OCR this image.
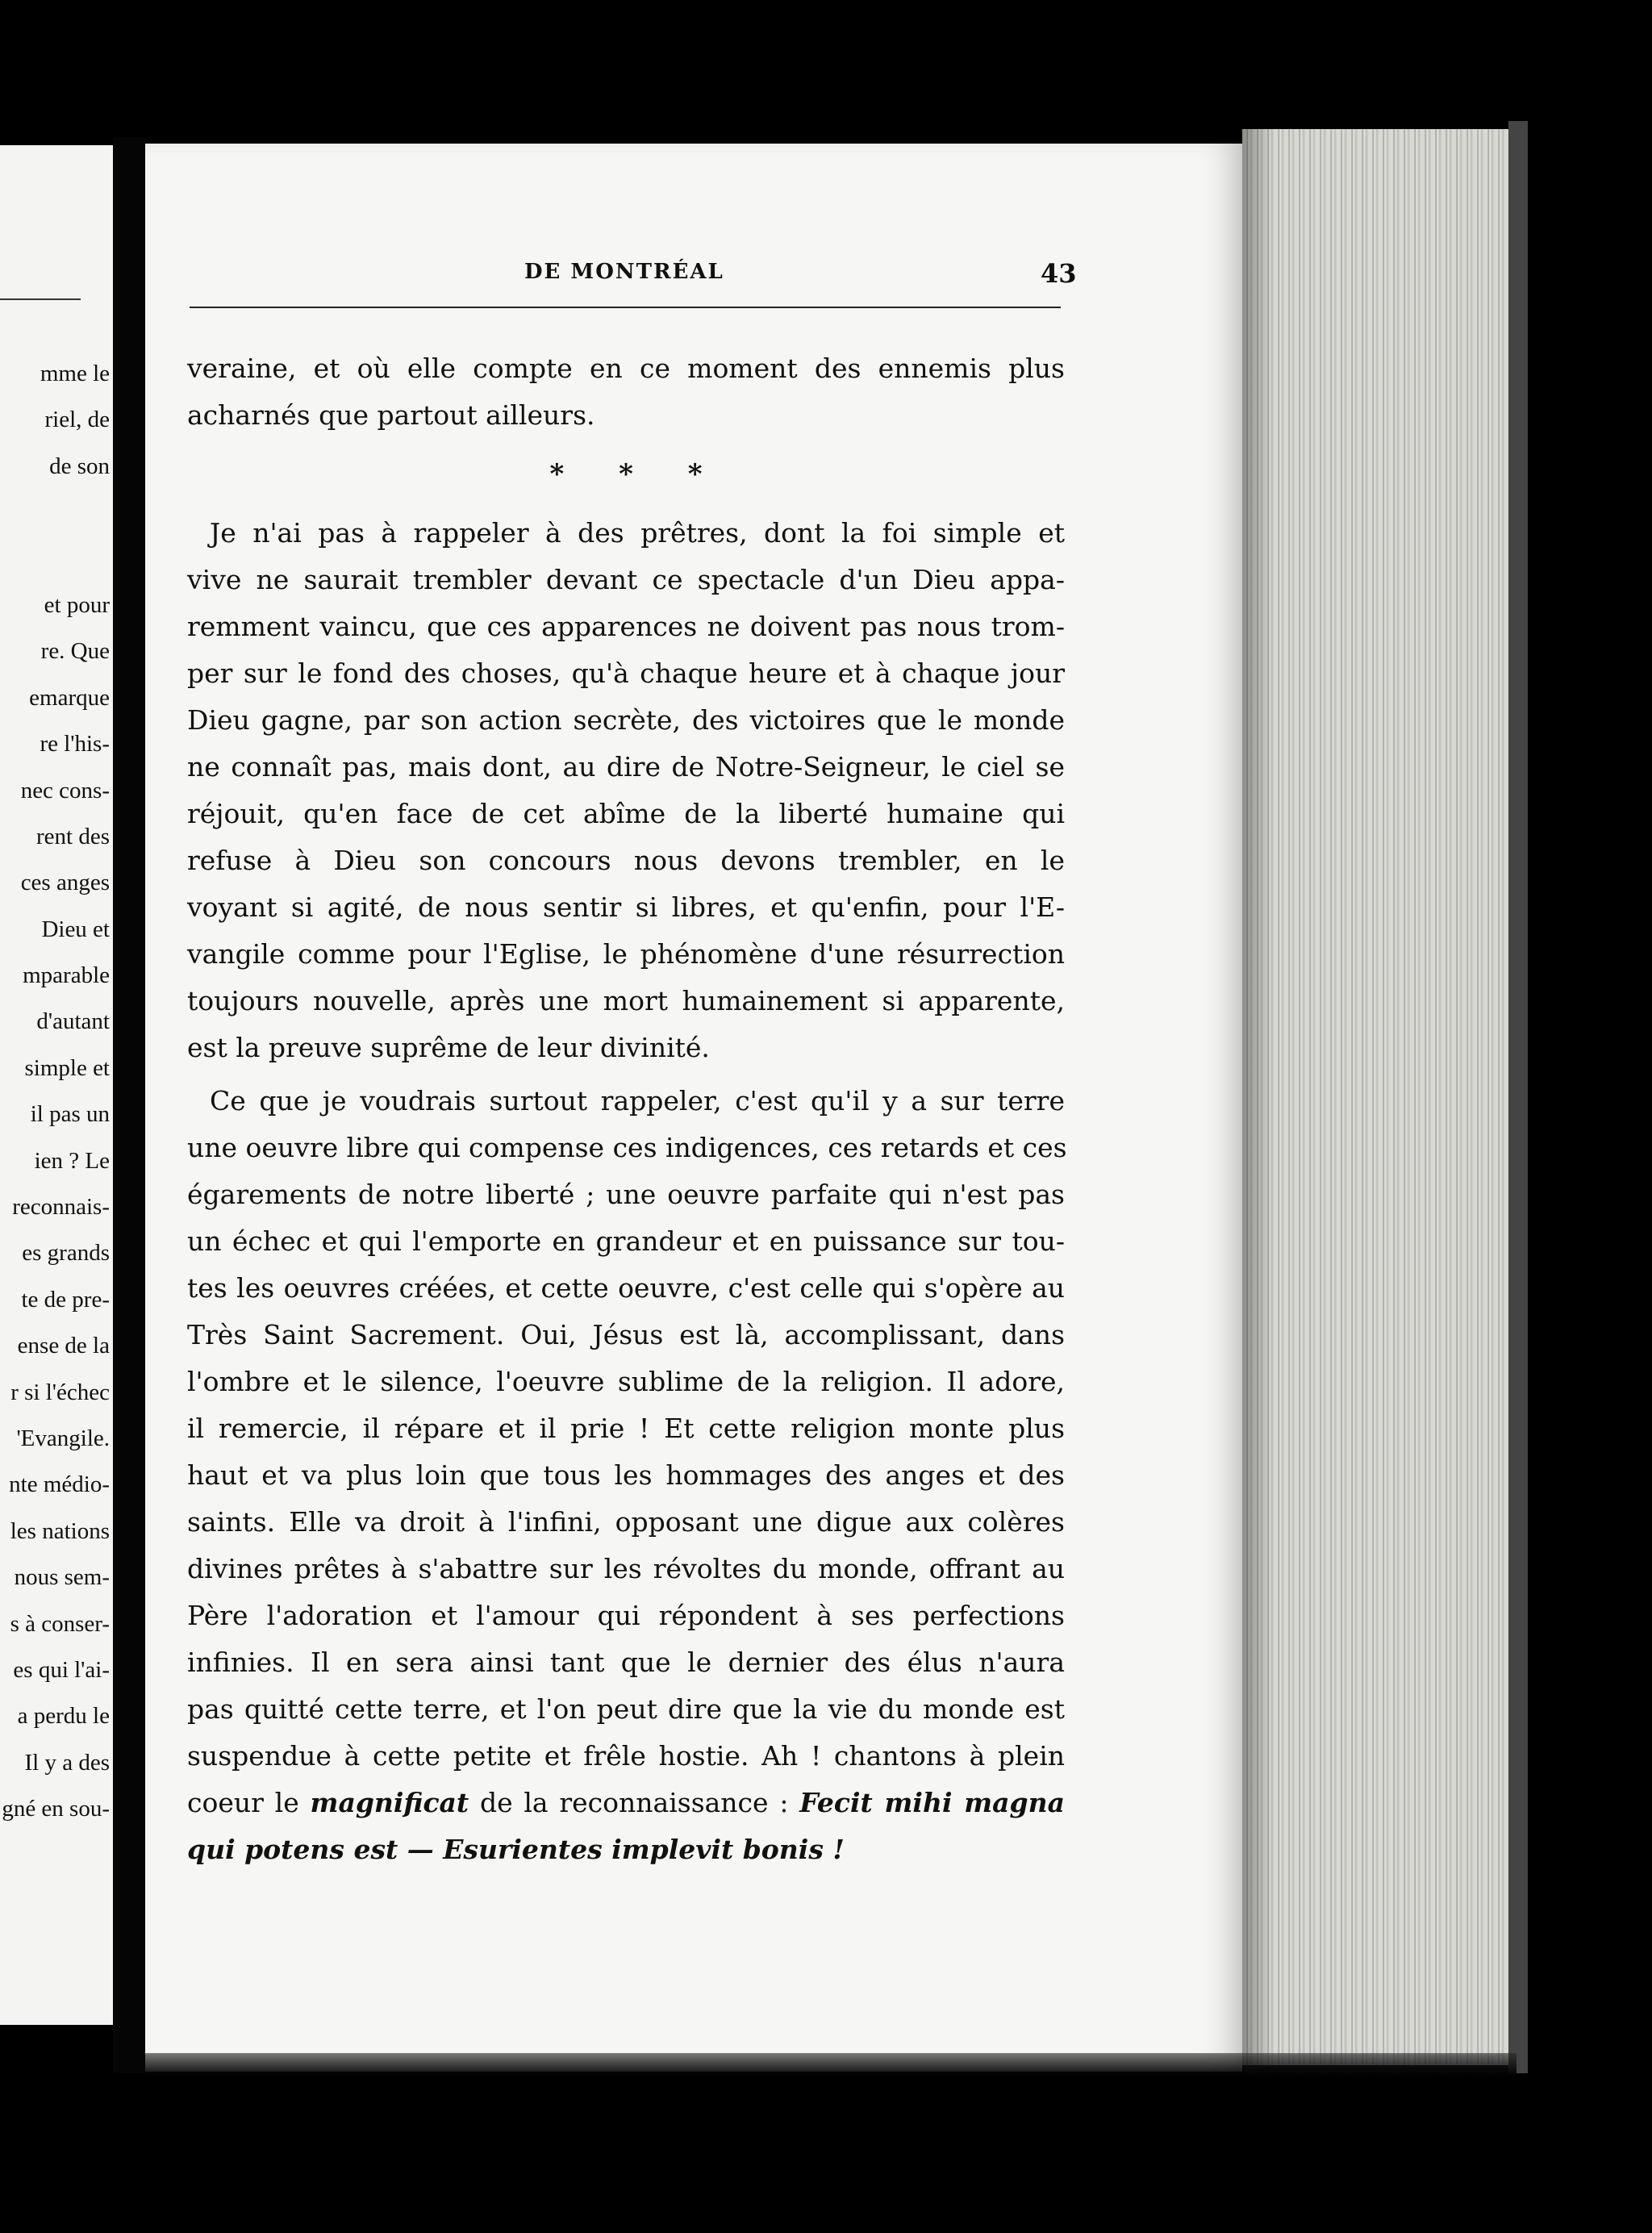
mme le
riel, de
de son
et pour
re. Que
emarque
re l'his-
nec cons-
rent des
ces anges
Dieu et
mparable
d'autant
simple et
il pas un
ien ? Le
reconnais-
es grands
te de pre-
ense de la
r si l'échec
'Evangile.
nte médio-
les nations
nous sem-
s à conser-
es qui l'ai-
a perdu le
Il y a des
gné en sou-
DE MONTRÉAL	43
veraine, et où elle compte en ce moment des ennemis plus
acharnés que partout ailleurs.
* * *
Je n'ai pas à rappeler à des prêtres, dont la foi simple et
vive ne saurait trembler devant ce spectacle d'un Dieu appa-
remment vaincu, que ces apparences ne doivent pas nous trom-
per sur le fond des choses, qu'à chaque heure et à chaque jour
Dieu gagne, par son action secrète, des victoires que le monde
ne connaît pas, mais dont, au dire de Notre-Seigneur, le ciel se
réjouit, qu'en face de cet abîme de la liberté humaine qui
refuse à Dieu son concours nous devons trembler, en le
voyant si agité, de nous sentir si libres, et qu'enfin, pour l'E-
vangile comme pour l'Eglise, le phénomène d'une résurrection
toujours nouvelle, après une mort humainement si apparente,
est la preuve suprême de leur divinité.
Ce que je voudrais surtout rappeler, c'est qu'il y a sur terre
une oeuvre libre qui compense ces indigences, ces retards et ces
égarements de notre liberté ; une oeuvre parfaite qui n'est pas
un échec et qui l'emporte en grandeur et en puissance sur tou-
tes les oeuvres créées, et cette oeuvre, c'est celle qui s'opère au
Très Saint Sacrement. Oui, Jésus est là, accomplissant, dans
l'ombre et le silence, l'oeuvre sublime de la religion. Il adore,
il remercie, il répare et il prie ! Et cette religion monte plus
haut et va plus loin que tous les hommages des anges et des
saints. Elle va droit à l'infini, opposant une digue aux colères
divines prêtes à s'abattre sur les révoltes du monde, offrant au
Père l'adoration et l'amour qui répondent à ses perfections
infinies. Il en sera ainsi tant que le dernier des élus n'aura
pas quitté cette terre, et l'on peut dire que la vie du monde est
suspendue à cette petite et frêle hostie. Ah ! chantons à plein
coeur le magnificat de la reconnaissance : Fecit mihi magna
qui potens est — Esurientes implevit bonis !
